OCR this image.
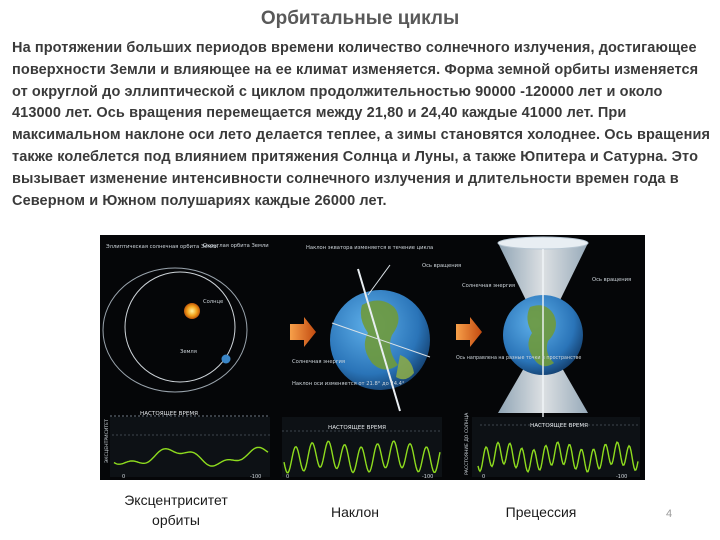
Орбитальные циклы
На протяжении больших периодов времени количество солнечного излучения, достигающее поверхности Земли и влияющее на ее климат изменяется. Форма земной орбиты изменяется от округлой до эллиптической с циклом продолжительностью 90000 -120000 лет и около 413000 лет. Ось вращения перемещается между 21,80 и 24,40 каждые 41000 лет. При максимальном наклоне оси лето делается теплее, а зимы становятся холоднее. Ось вращения также колеблется под влиянием притяжения Солнца и Луны, а также Юпитера и Сатурна. Это вызывает изменение интенсивности солнечного излучения и длительности времен года в Северном и Южном полушариях каждые 26000 лет.
Эллиптическая солнечная орбита Земли
Округлая орбита Земли
Солнце
Земля
Наклон экватора изменяется в течение цикла
Ось вращения
Солнечная энергия
Наклон оси изменяется от 21.8° до 24.4°
Солнечная энергия
Ось вращения
Ось направлена на разные точки в пространстве
НАСТОЯЩЕЕ ВРЕМЯ
ЭКСЦЕНТРИСИТЕТ
0	-100
НАСТОЯЩЕЕ ВРЕМЯ
0	-100
НАСТОЯЩЕЕ ВРЕМЯ
РАССТОЯНИЕ ДО СОЛНЦА
0	-100
Эксцентриситет
орбиты	Наклон	Прецессия	4
